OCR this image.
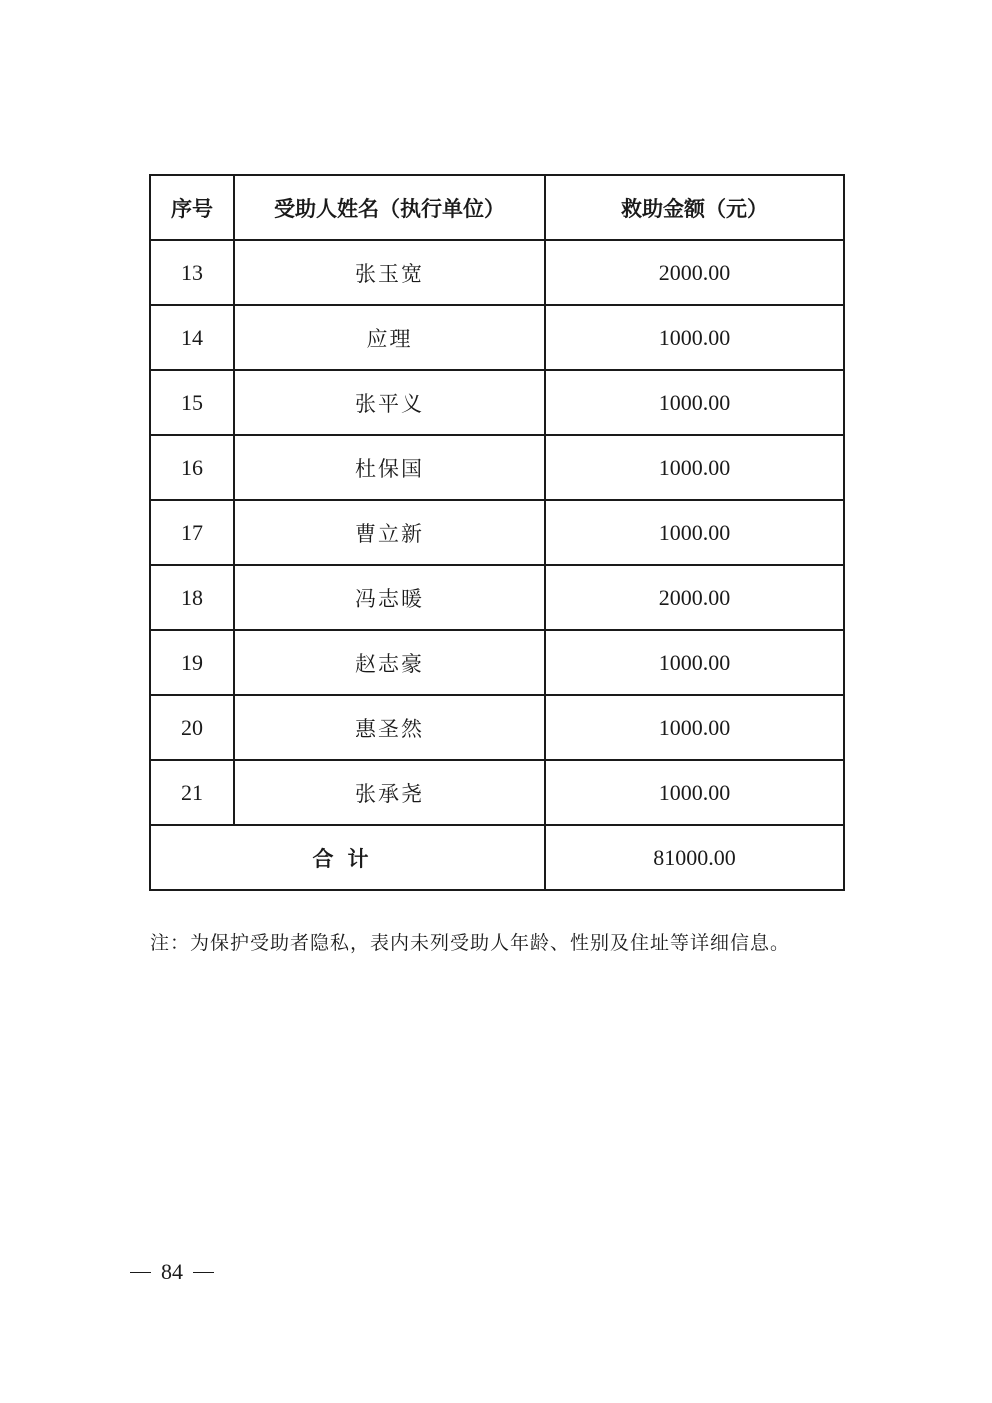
序号	受助人姓名（执行单位）	救助金额（元）
13	张玉宽	2000.00
14	应理	1000.00
15	张平义	1000.00
16	杜保国	1000.00
17	曹立新	1000.00
18	冯志暖	2000.00
19	赵志豪	1000.00
20	惠圣然	1000.00
21	张承尧	1000.00
合计		81000.00
注：为保护受助者隐私，表内未列受助人年龄、性别及住址等详细信息。
84
